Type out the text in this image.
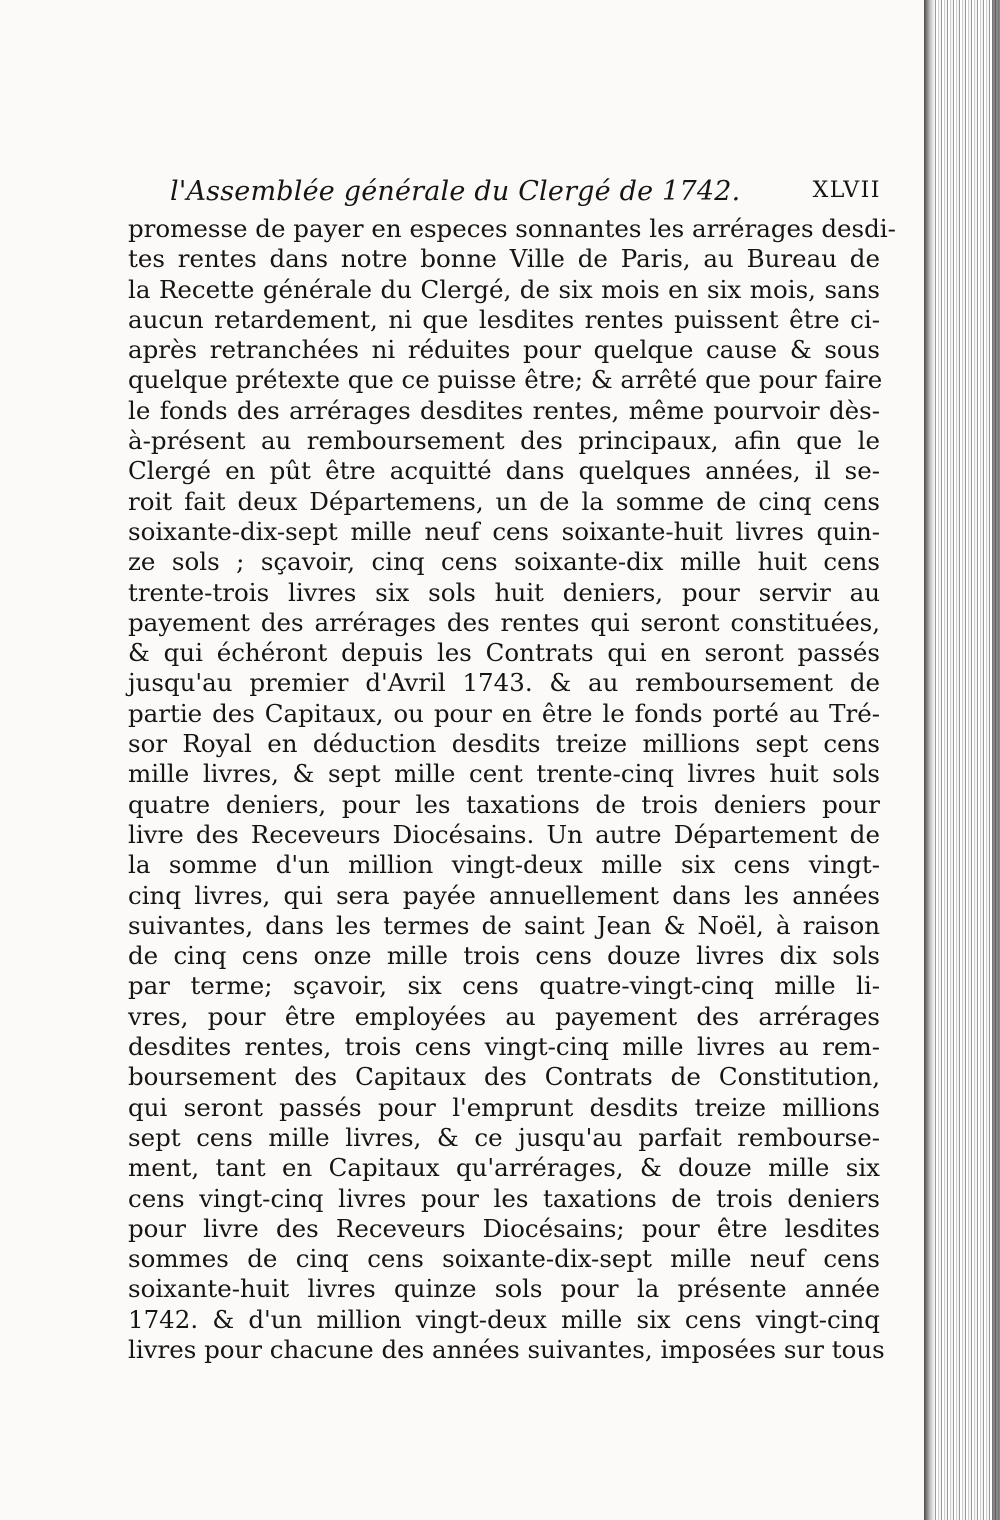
l'Assemblée générale du Clergé de 1742.	XLVII
promesse de payer en especes sonnantes les arrérages desdi-
tes rentes dans notre bonne Ville de Paris, au Bureau de
la Recette générale du Clergé, de six mois en six mois, sans
aucun retardement, ni que lesdites rentes puissent être ci-
après retranchées ni réduites pour quelque cause & sous
quelque prétexte que ce puisse être; & arrêté que pour faire
le fonds des arrérages desdites rentes, même pourvoir dès-
à-présent au remboursement des principaux, afin que le
Clergé en pût être acquitté dans quelques années, il se-
roit fait deux Départemens, un de la somme de cinq cens
soixante-dix-sept mille neuf cens soixante-huit livres quin-
ze sols ; sçavoir, cinq cens soixante-dix mille huit cens
trente-trois livres six sols huit deniers, pour servir au
payement des arrérages des rentes qui seront constituées,
& qui échéront depuis les Contrats qui en seront passés
jusqu'au premier d'Avril 1743. & au remboursement de
partie des Capitaux, ou pour en être le fonds porté au Tré-
sor Royal en déduction desdits treize millions sept cens
mille livres, & sept mille cent trente-cinq livres huit sols
quatre deniers, pour les taxations de trois deniers pour
livre des Receveurs Diocésains. Un autre Département de
la somme d'un million vingt-deux mille six cens vingt-
cinq livres, qui sera payée annuellement dans les années
suivantes, dans les termes de saint Jean & Noël, à raison
de cinq cens onze mille trois cens douze livres dix sols
par terme; sçavoir, six cens quatre-vingt-cinq mille li-
vres, pour être employées au payement des arrérages
desdites rentes, trois cens vingt-cinq mille livres au rem-
boursement des Capitaux des Contrats de Constitution,
qui seront passés pour l'emprunt desdits treize millions
sept cens mille livres, & ce jusqu'au parfait rembourse-
ment, tant en Capitaux qu'arrérages, & douze mille six
cens vingt-cinq livres pour les taxations de trois deniers
pour livre des Receveurs Diocésains; pour être lesdites
sommes de cinq cens soixante-dix-sept mille neuf cens
soixante-huit livres quinze sols pour la présente année
1742. & d'un million vingt-deux mille six cens vingt-cinq
livres pour chacune des années suivantes, imposées sur tous
